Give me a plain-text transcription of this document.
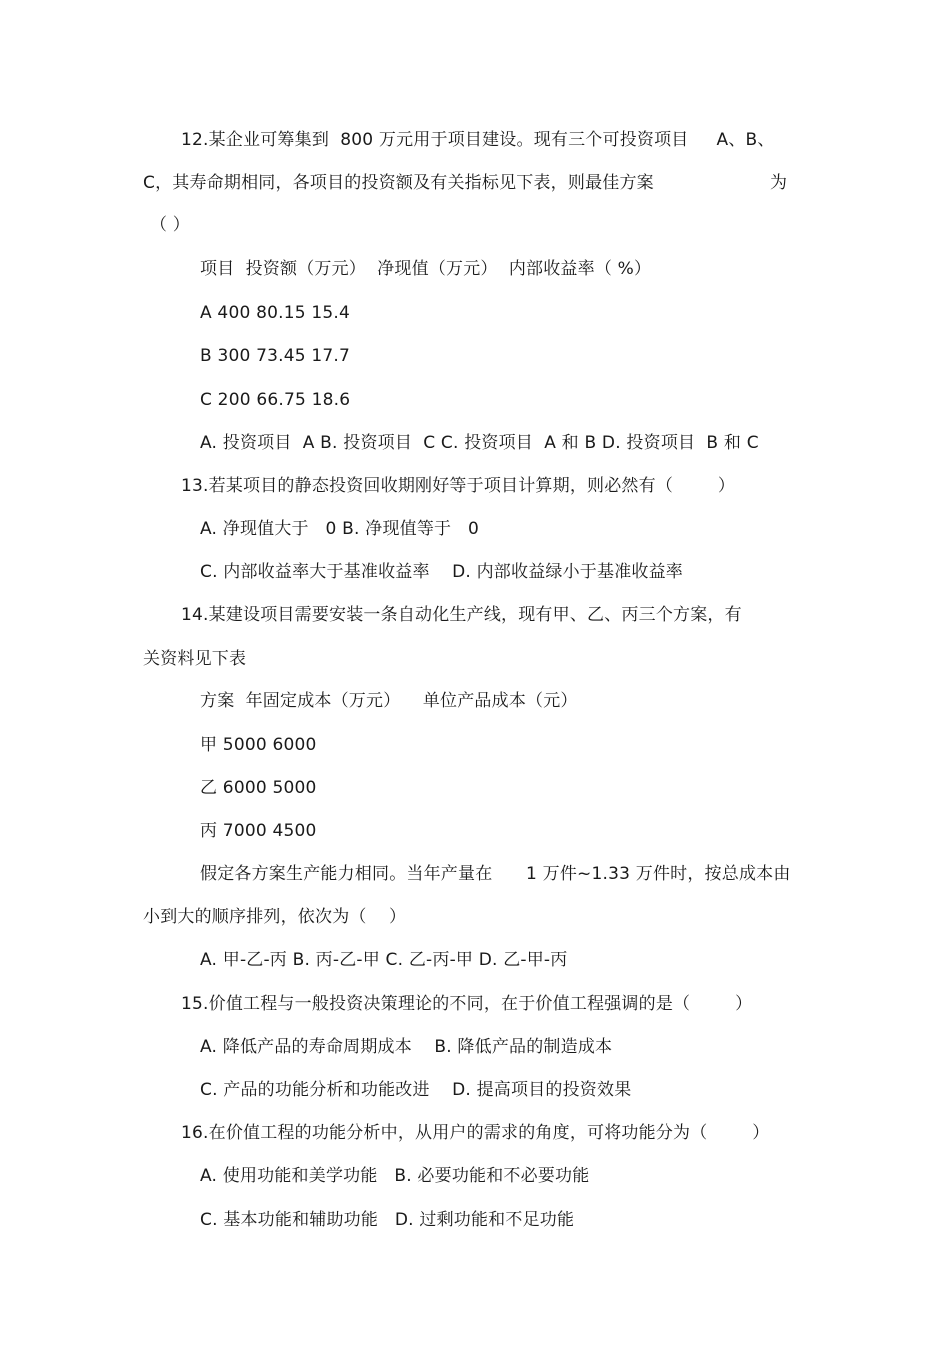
12.某企业可筹集到  800 万元用于项目建设。现有三个可投资项目     A、B、

C，其寿命期相同，各项目的投资额及有关指标见下表，则最佳方案	为

（ ）

项目  投资额（万元）  净现值（万元）  内部收益率（ %）

A 400 80.15 15.4

B 300 73.45 17.7

C 200 66.75 18.6

A. 投资项目  A B. 投资项目  C C. 投资项目  A 和 B D. 投资项目  B 和 C

13.若某项目的静态投资回收期刚好等于项目计算期，则必然有（        ）

A. 净现值大于   0 B. 净现值等于   0

C. 内部收益率大于基准收益率    D. 内部收益绿小于基准收益率

14.某建设项目需要安装一条自动化生产线，现有甲、乙、丙三个方案，有

关资料见下表

方案  年固定成本（万元）    单位产品成本（元）

甲 5000 6000

乙 6000 5000

丙 7000 4500

假定各方案生产能力相同。当年产量在      1 万件~1.33 万件时，按总成本由

小到大的顺序排列，依次为（    ）

A. 甲-乙-丙 B. 丙-乙-甲 C. 乙-丙-甲 D. 乙-甲-丙

15.价值工程与一般投资决策理论的不同，在于价值工程强调的是（        ）

A. 降低产品的寿命周期成本    B. 降低产品的制造成本

C. 产品的功能分析和功能改进    D. 提高项目的投资效果

16.在价值工程的功能分析中，从用户的需求的角度，可将功能分为（        ）

A. 使用功能和美学功能   B. 必要功能和不必要功能

C. 基本功能和辅助功能   D. 过剩功能和不足功能
